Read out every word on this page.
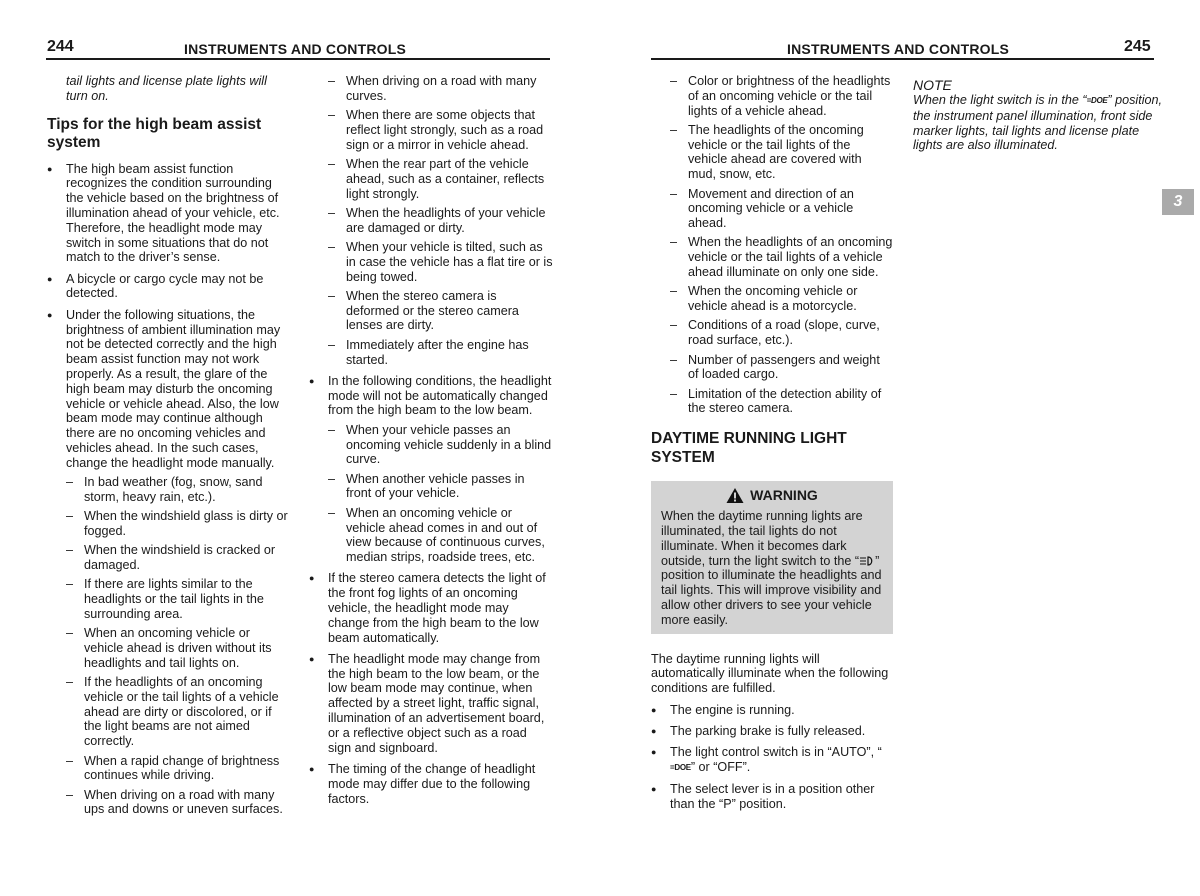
244	INSTRUMENTS AND CONTROLS	INSTRUMENTS AND CONTROLS	245
3

tail lights and license plate lights will turn on.

Tips for the high beam assist system

● The high beam assist function recognizes the condition surrounding the vehicle based on the brightness of illumination ahead of your vehicle, etc. Therefore, the headlight mode may switch in some situations that do not match to the driver’s sense.

● A bicycle or cargo cycle may not be detected.

● Under the following situations, the brightness of ambient illumination may not be detected correctly and the high beam assist function may not work properly. As a result, the glare of the high beam may disturb the oncoming vehicle or vehicle ahead. Also, the low beam mode may continue although there are no oncoming vehicles and vehicles ahead. In the such cases, change the headlight mode manually.

– In bad weather (fog, snow, sand storm, heavy rain, etc.).

– When the windshield glass is dirty or fogged.

– When the windshield is cracked or damaged.

– If there are lights similar to the headlights or the tail lights in the surrounding area.

– When an oncoming vehicle or vehicle ahead is driven without its headlights and tail lights on.

– If the headlights of an oncoming vehicle or the tail lights of a vehicle ahead are dirty or discolored, or if the light beams are not aimed correctly.

– When a rapid change of brightness continues while driving.

– When driving on a road with many ups and downs or uneven surfaces.

– When driving on a road with many curves.

– When there are some objects that reflect light strongly, such as a road sign or a mirror in vehicle ahead.

– When the rear part of the vehicle ahead, such as a container, reflects light strongly.

– When the headlights of your vehicle are damaged or dirty.

– When your vehicle is tilted, such as in case the vehicle has a flat tire or is being towed.

– When the stereo camera is deformed or the stereo camera lenses are dirty.

– Immediately after the engine has started.

● In the following conditions, the headlight mode will not be automatically changed from the high beam to the low beam.

– When your vehicle passes an oncoming vehicle suddenly in a blind curve.

– When another vehicle passes in front of your vehicle.

– When an oncoming vehicle or vehicle ahead comes in and out of view because of continuous curves, median strips, roadside trees, etc.

● If the stereo camera detects the light of the front fog lights of an oncoming vehicle, the headlight mode may change from the high beam to the low beam automatically.

● The headlight mode may change from the high beam to the low beam, or the low beam mode may continue, when affected by a street light, traffic signal, illumination of an advertisement board, or a reflective object such as a road sign and signboard.

● The timing of the change of headlight mode may differ due to the following factors.

– Color or brightness of the headlights of an oncoming vehicle or the tail lights of a vehicle ahead.

– The headlights of the oncoming vehicle or the tail lights of the vehicle ahead are covered with mud, snow, etc.

– Movement and direction of an oncoming vehicle or a vehicle ahead.

– When the headlights of an oncoming vehicle or the tail lights of a vehicle ahead illuminate on only one side.

– When the oncoming vehicle or vehicle ahead is a motorcycle.

– Conditions of a road (slope, curve, road surface, etc.).

– Number of passengers and weight of loaded cargo.

– Limitation of the detection ability of the stereo camera.

DAYTIME RUNNING LIGHT SYSTEM

WARNING

When the daytime running lights are illuminated, the tail lights do not illuminate. When it becomes dark outside, turn the light switch to the “ ” position to illuminate the headlights and tail lights. This will improve visibility and allow other drivers to see your vehicle more easily.

The daytime running lights will automatically illuminate when the following conditions are fulfilled.

● The engine is running.

● The parking brake is fully released.

● The light control switch is in “AUTO”, “=DOE” or “OFF”.

● The select lever is in a position other than the “P” position.

NOTE

When the light switch is in the “=DOE” position, the instrument panel illumination, front side marker lights, tail lights and license plate lights are also illuminated.
